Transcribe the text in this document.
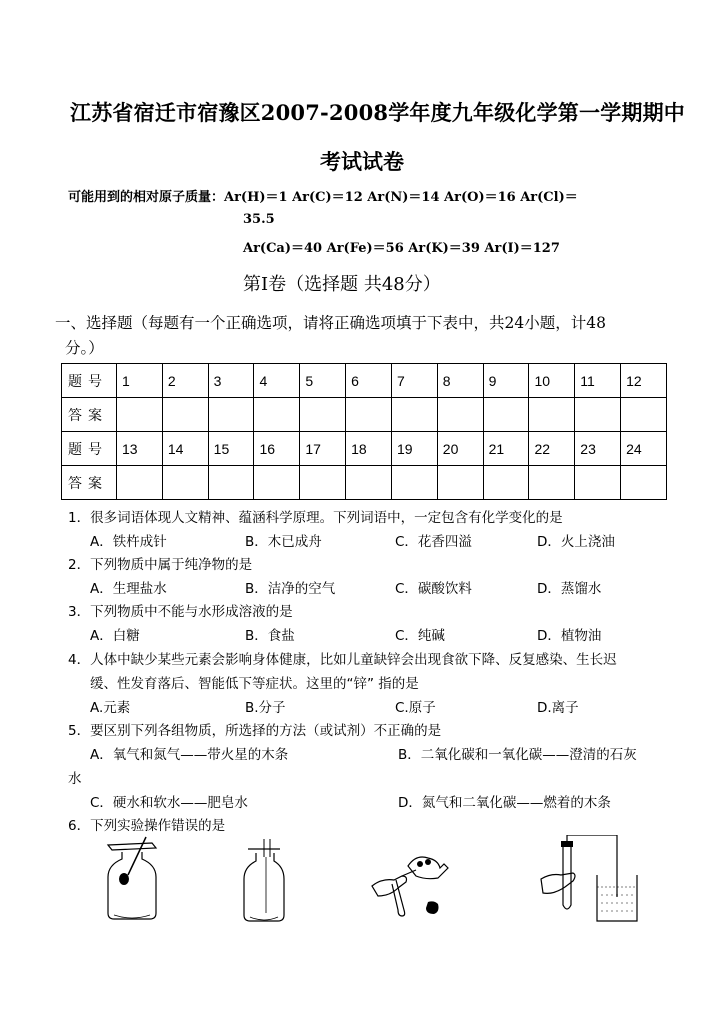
江苏省宿迁市宿豫区2007-2008学年度九年级化学第一学期期中
考试试卷
可能用到的相对原子质量：Ar(H)＝1 Ar(C)＝12 Ar(N)＝14 Ar(O)＝16 Ar(Cl)＝
35.5
Ar(Ca)＝40 Ar(Fe)＝56 Ar(K)＝39 Ar(I)＝127
第Ⅰ卷（选择题 共48分）
一、选择题（每题有一个正确选项，请将正确选项填于下表中，共24小题，计48
分。）
题号	1	2	3	4	5	6	7	8	9	10	11	12
答案												
题号	13	14	15	16	17	18	19	20	21	22	23	24
答案												
1．很多词语体现人文精神、蕴涵科学原理。下列词语中，一定包含有化学变化的是
A．铁杵成针	B．木已成舟	C．花香四溢	D．火上浇油
2．下列物质中属于纯净物的是
A．生理盐水	B．洁净的空气	C．碳酸饮料	D．蒸馏水
3．下列物质中不能与水形成溶液的是
A．白糖	B．食盐	C．纯碱	D．植物油
4．人体中缺少某些元素会影响身体健康，比如儿童缺锌会出现食欲下降、反复感染、生长迟
缓、性发育落后、智能低下等症状。这里的“锌” 指的是
A.元素	B.分子	C.原子	D.离子
5．要区别下列各组物质，所选择的方法（或试剂）不正确的是
A．氧气和氮气——带火星的木条	B．二氧化碳和一氧化碳——澄清的石灰
水
C．硬水和软水——肥皂水	D．氮气和二氧化碳——燃着的木条
6．下列实验操作错误的是
